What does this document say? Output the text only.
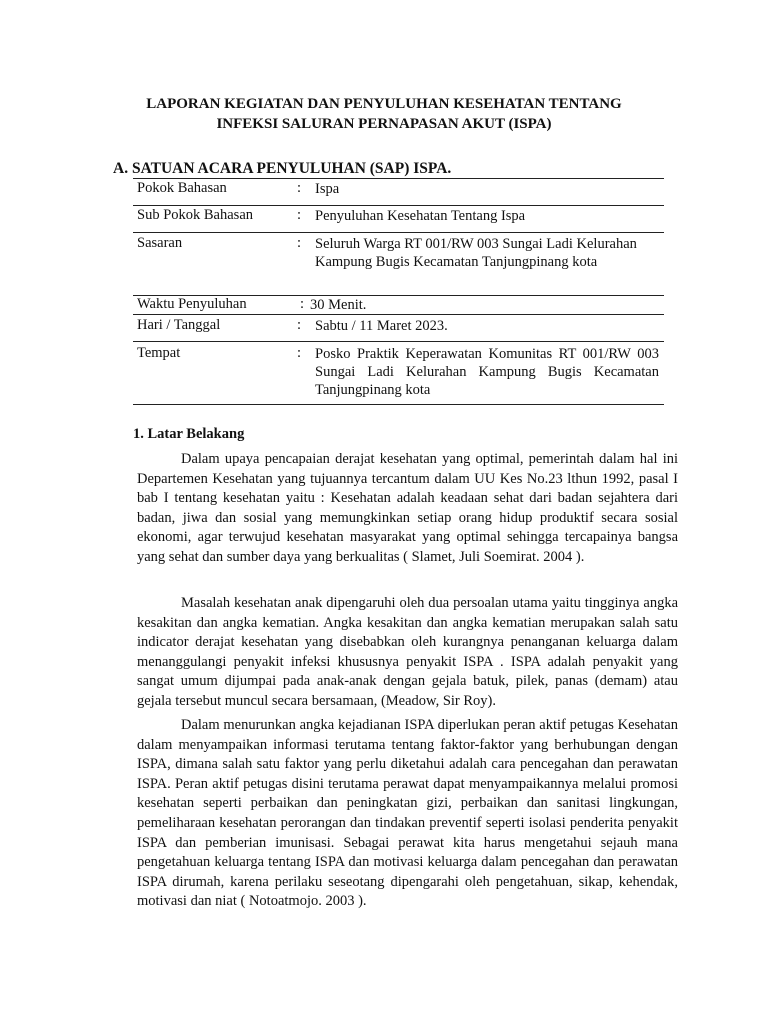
LAPORAN KEGIATAN DAN PENYULUHAN KESEHATAN TENTANG
INFEKSI SALURAN PERNAPASAN AKUT (ISPA)
A. SATUAN ACARA PENYULUHAN (SAP) ISPA.
Pokok Bahasan	: Ispa
Sub Pokok Bahasan	: Penyuluhan Kesehatan Tentang Ispa
Sasaran	: Seluruh Warga RT 001/RW 003 Sungai Ladi Kelurahan Kampung Bugis Kecamatan Tanjungpinang kota
Waktu Penyuluhan	: 30 Menit.
Hari / Tanggal	: Sabtu / 11 Maret 2023.
Tempat	: Posko Praktik Keperawatan Komunitas RT 001/RW 003 Sungai Ladi Kelurahan Kampung Bugis Kecamatan Tanjungpinang kota
1. Latar Belakang
Dalam upaya pencapaian derajat kesehatan yang optimal, pemerintah dalam hal ini Departemen Kesehatan yang tujuannya tercantum dalam UU Kes No.23 lthun 1992, pasal I bab I tentang kesehatan yaitu : Kesehatan adalah keadaan sehat dari badan sejahtera dari badan, jiwa dan sosial yang memungkinkan setiap orang hidup produktif secara sosial ekonomi, agar terwujud kesehatan masyarakat yang optimal sehingga tercapainya bangsa yang sehat dan sumber daya yang berkualitas ( Slamet, Juli Soemirat. 2004 ).
Masalah kesehatan anak dipengaruhi oleh dua persoalan utama yaitu tingginya angka kesakitan dan angka kematian. Angka kesakitan dan angka kematian merupakan salah satu indicator derajat kesehatan yang disebabkan oleh kurangnya penanganan keluarga dalam menanggulangi penyakit infeksi khususnya penyakit ISPA . ISPA adalah penyakit yang sangat umum dijumpai pada anak-anak dengan gejala batuk, pilek, panas (demam) atau gejala tersebut muncul secara bersamaan, (Meadow, Sir Roy).
Dalam menurunkan angka kejadianan ISPA diperlukan peran aktif petugas Kesehatan dalam menyampaikan informasi terutama tentang faktor-faktor yang berhubungan dengan ISPA, dimana salah satu faktor yang perlu diketahui adalah cara pencegahan dan perawatan ISPA. Peran aktif petugas disini terutama perawat dapat menyampaikannya melalui promosi kesehatan seperti perbaikan dan peningkatan gizi, perbaikan dan sanitasi lingkungan, pemeliharaan kesehatan perorangan dan tindakan preventif seperti isolasi penderita penyakit ISPA dan pemberian imunisasi. Sebagai perawat kita harus mengetahui sejauh mana pengetahuan keluarga tentang ISPA dan motivasi keluarga dalam pencegahan dan perawatan ISPA dirumah, karena perilaku seseotang dipengarahi oleh pengetahuan, sikap, kehendak, motivasi dan niat ( Notoatmojo. 2003 ).
